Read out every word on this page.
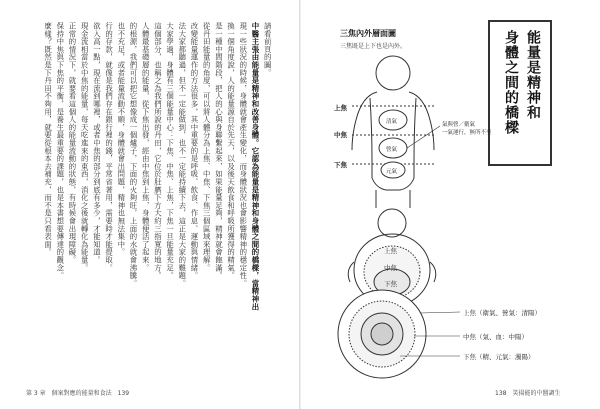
請看前頁的圖。
中醫主張由能量是精神和改善身體。它認為能量是精神和身體之間的橋樑，當精神出
現一些狀況的時候，身體就會產生變化，而身體狀況也會影響精神的穩定性。
換一個角度說，人的能量源自於先天，以及後天飲食和呼吸所獲得的精氣。
是一種中間階段，把人的心與身聯繫起來，如果能量足夠，精神就會飽滿。
從丹田能量的角度，可以將人體分為上焦、中焦、下焦三個區域來理解。
改變能量運作的方法很多，其中重要的是呼吸、飲食、作息、運動與情緒。
法大家都聽過，但不一定能做到，也不一定能持續下去，這正是大家的難題。
大家學過，身體有三個能量中心：下焦、中焦、上焦，下焦一旦能量充足。
這個部分，也稱之為我們所說的丹田，它位於肚臍下方大約三指寬的地方。
人體最基礎層的能量，從下焦出發，經由中焦到上焦，身體便活了起來。
的根源，我們可以把它想像成一個爐子，下面的火夠旺，上面的水就會沸騰。
也不充足，或者能量流動不順，身體就會出問題，精神也無法集中。
行的存款，就像是我們存在銀行裡的錢，平常省著用，需要時才能提取。
欲入高一點，現在流到哪裡，或者中焦的部分到底有多少，才能知道。
現金流相當於中焦的能量，每天吃進來的東西，消化之後就轉化為能量。
正常的情況下，就要看這個人的能量流動的狀態，有時候會出現障礙。
保持中焦與下焦的平衡，是養生最重要的課題，也是本書想要傳達的觀念。
麼樣？既然是下丹田不夠用，就要從根本去補充，而不是只看表面。
第 3 章　個案對應的能量和食法　139
能量是精神和
身體之間的橋樑
三焦內外層面圖
三焦既是上下也是內外。
上焦
中焦
下焦
清氣
營氣
元氣
氣與營／衛氣
一氣運行，無所不至
上焦
中焦
下焦
上焦（衛氣、營氣：清陽）
中焦（氣、血：中陽）
下焦（精、元氣：濁陽）
138　笑揚能的中醫調生
